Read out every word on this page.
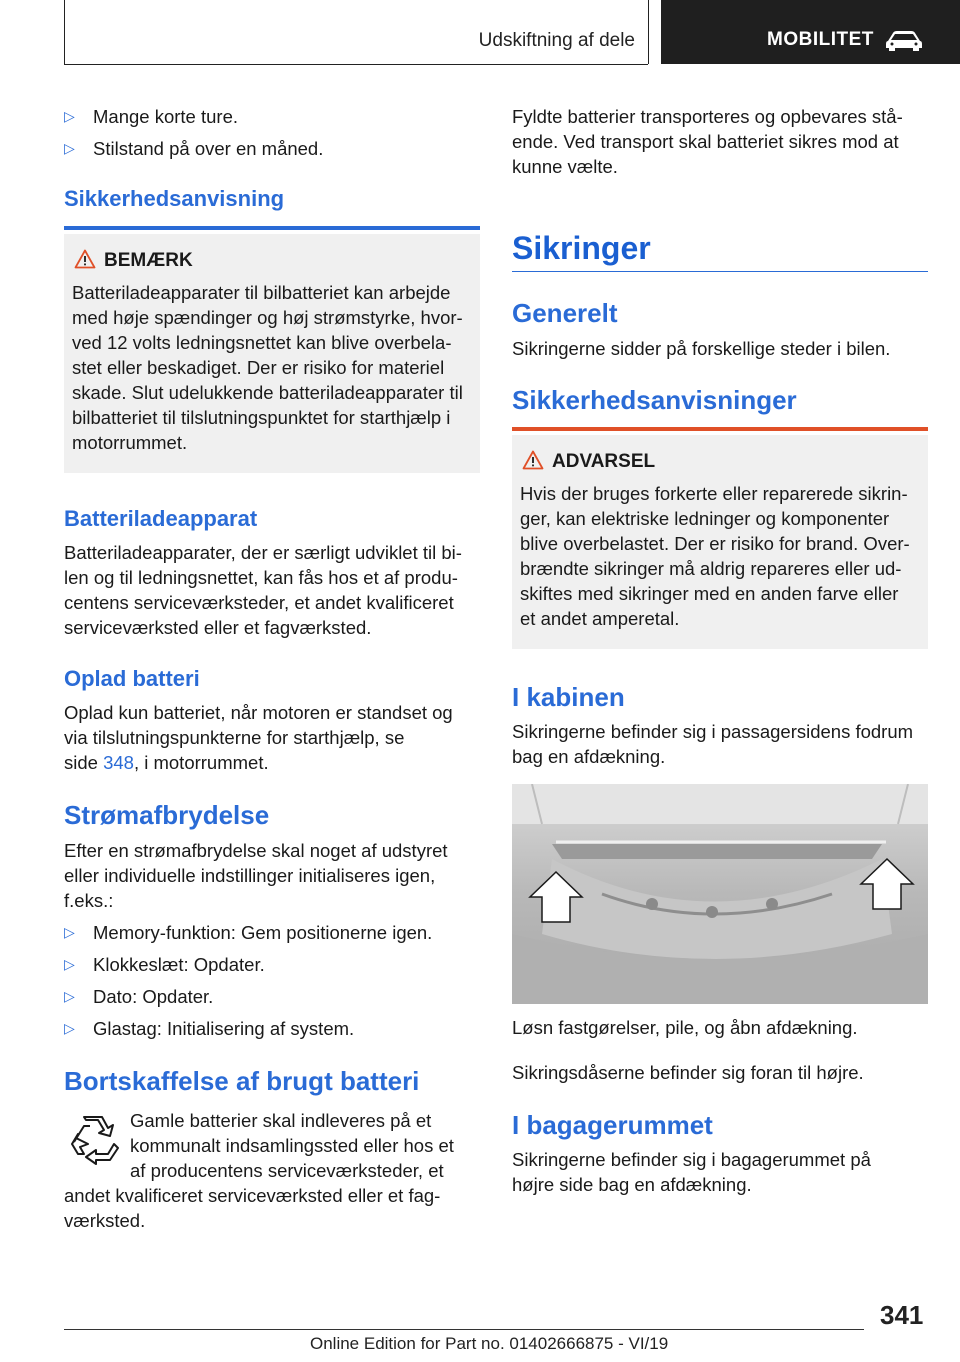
Udskiftning af dele	MOBILITET
▷ Mange korte ture.
▷ Stilstand på over en måned.
Sikkerhedsanvisning
BEMÆRK
Batteriladeapparater til bilbatteriet kan arbejde
med høje spændinger og høj strømstyrke, hvor-
ved 12 volts ledningsnettet kan blive overbela-
stet eller beskadiget. Der er risiko for materiel
skade. Slut udelukkende batteriladeapparater til
bilbatteriet til tilslutningspunktet for starthjælp i
motorrummet.
Batteriladeapparat
Batteriladeapparater, der er særligt udviklet til bi-
len og til ledningsnettet, kan fås hos et af produ-
centens serviceværksteder, et andet kvalificeret
serviceværksted eller et fagværksted.
Oplad batteri
Oplad kun batteriet, når motoren er standset og
via tilslutningspunkterne for starthjælp, se
side 348, i motorrummet.
Strømafbrydelse
Efter en strømafbrydelse skal noget af udstyret
eller individuelle indstillinger initialiseres igen,
f.eks.:
▷ Memory-funktion: Gem positionerne igen.
▷ Klokkeslæt: Opdater.
▷ Dato: Opdater.
▷ Glastag: Initialisering af system.
Bortskaffelse af brugt batteri
Gamle batterier skal indleveres på et
kommunalt indsamlingssted eller hos et
af producentens serviceværksteder, et
andet kvalificeret serviceværksted eller et fag-
værksted.
Fyldte batterier transporteres og opbevares stå-
ende. Ved transport skal batteriet sikres mod at
kunne vælte.
Sikringer
Generelt
Sikringerne sidder på forskellige steder i bilen.
Sikkerhedsanvisninger
ADVARSEL
Hvis der bruges forkerte eller reparerede sikrin-
ger, kan elektriske ledninger og komponenter
blive overbelastet. Der er risiko for brand. Over-
brændte sikringer må aldrig repareres eller ud-
skiftes med sikringer med en anden farve eller
et andet amperetal.
I kabinen
Sikringerne befinder sig i passagersidens fodrum
bag en afdækning.
Løsn fastgørelser, pile, og åbn afdækning.
Sikringsdåserne befinder sig foran til højre.
I bagagerummet
Sikringerne befinder sig i bagagerummet på
højre side bag en afdækning.
341
Online Edition for Part no. 01402666875 - VI/19
